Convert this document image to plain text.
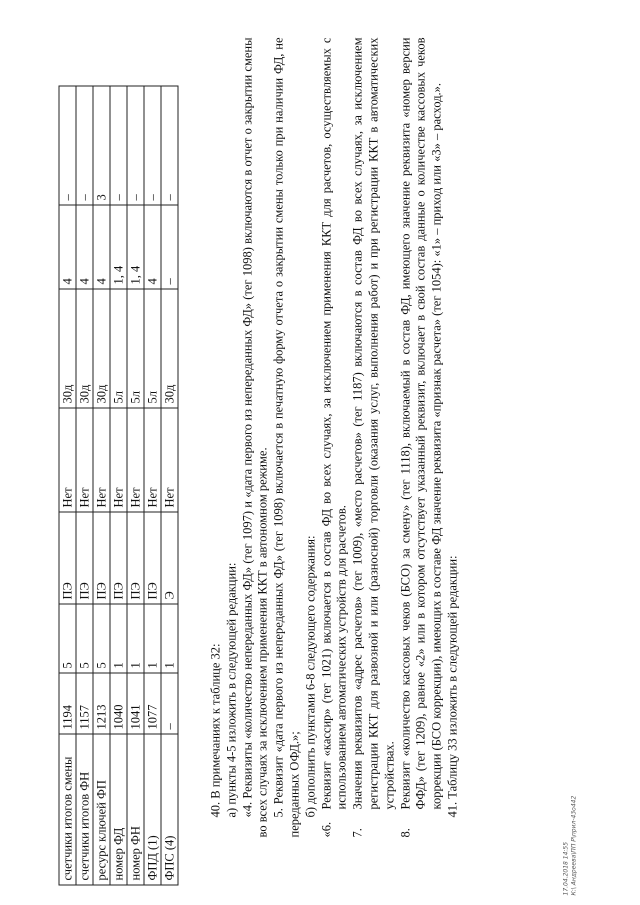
счетчики итогов смены	1194	5	ПЭ	Нет	30д	4	–
счетчики итогов ФН	1157	5	ПЭ	Нет	30д	4	–
ресурс ключей ФП	1213	5	ПЭ	Нет	30д	4	3
номер ФД	1040	1	ПЭ	Нет	5л	1, 4	–
номер ФН	1041	1	ПЭ	Нет	5л	1, 4	–
ФПД (1)	1077	1	ПЭ	Нет	5л	4	–
ФПС (4)	–	1	Э	Нет	30д	–	–

40. В примечаниях к таблице 32: а) пункты 4-5 изложить в следующей редакции: «4. Реквизиты «количество непереданных ФД» (тег 1097) и «дата первого из непереданных ФД» (тег 1098) включаются в отчет о закрытии смены во всех случаях за исключением применения ККТ в автономном режиме. 5. Реквизит «дата первого из непереданных ФД» (тег 1098) включается в печатную форму отчета о закрытии смены только при наличии ФД, не переданных ОФД.»; б) дополнить пунктами 6-8 следующего содержания:

«6.
Реквизит «кассир» (тег 1021) включается в состав ФД во всех случаях, за исключением применения ККТ для расчетов, осуществляемых с использованием автоматических устройств для расчетов.
7.
Значения реквизитов «адрес расчетов» (тег 1009), «место расчетов» (тег 1187) включаются в состав ФД во всех случаях, за исключением регистрации ККТ для развозной и или (разносной) торговли (оказания услуг, выполнения работ) и при регистрации ККТ в автоматических устройствах.
8.
Реквизит «количество кассовых чеков (БСО) за смену» (тег 1118), включаемый в состав ФД, имеющего значение реквизита «номер версии ФФД» (тег 1209), равное «2» или в котором отсутствует указанный реквизит, включает в свой состав данные о количестве кассовых чеков коррекции (БСО коррекции), имеющих в составе ФД значение реквизита «признак расчета» (тег 1054): «1» – приход или «3» – расход.». 41. Таблицу 33 изложить в следующей редакции:

17.04.2018 14:55 К:\ Андреева\ПП Р\прил-43о442
